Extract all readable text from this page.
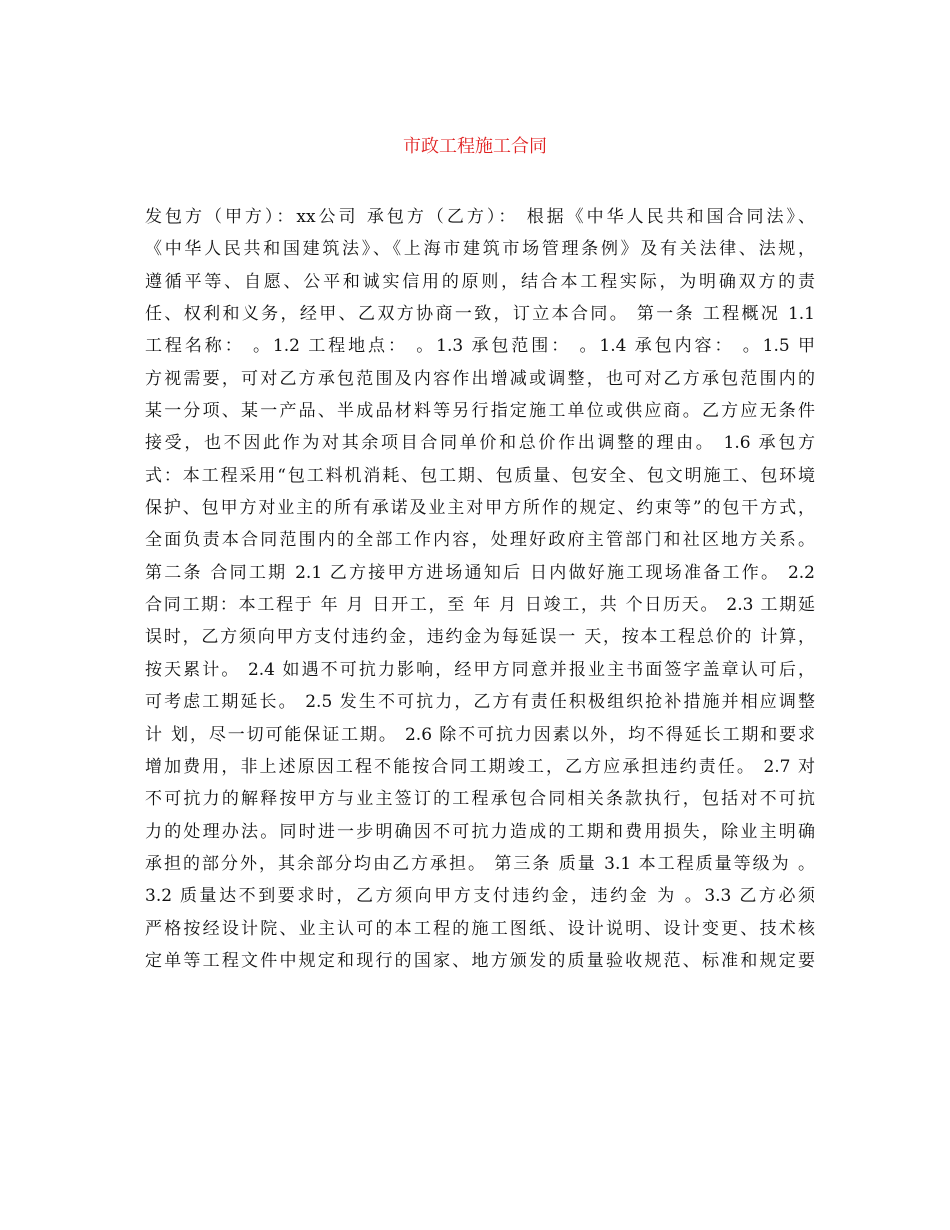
市政工程施工合同
发包方（甲方）：xx公司 承包方（乙方）： 根据《中华人民共和国合同法》、
《中华人民共和国建筑法》、《上海市建筑市场管理条例》及有关法律、法规，
遵循平等、自愿、公平和诚实信用的原则，结合本工程实际，为明确双方的责
任、权利和义务，经甲、乙双方协商一致，订立本合同。 第一条 工程概况 1.1
工程名称： 。1.2 工程地点： 。1.3 承包范围： 。1.4 承包内容： 。1.5 甲
方视需要，可对乙方承包范围及内容作出增减或调整，也可对乙方承包范围内的
某一分项、某一产品、半成品材料等另行指定施工单位或供应商。乙方应无条件
接受，也不因此作为对其余项目合同单价和总价作出调整的理由。 1.6 承包方
式：本工程采用“包工料机消耗、包工期、包质量、包安全、包文明施工、包环境
保护、包甲方对业主的所有承诺及业主对甲方所作的规定、约束等”的包干方式，
全面负责本合同范围内的全部工作内容，处理好政府主管部门和社区地方关系。
第二条 合同工期 2.1 乙方接甲方进场通知后 日内做好施工现场准备工作。 2.2
合同工期：本工程于 年 月 日开工，至 年 月 日竣工，共 个日历天。 2.3 工期延
误时，乙方须向甲方支付违约金，违约金为每延误一 天，按本工程总价的 计算，
按天累计。 2.4 如遇不可抗力影响，经甲方同意并报业主书面签字盖章认可后，
可考虑工期延长。 2.5 发生不可抗力，乙方有责任积极组织抢补措施并相应调整
计 划，尽一切可能保证工期。 2.6 除不可抗力因素以外，均不得延长工期和要求
增加费用，非上述原因工程不能按合同工期竣工，乙方应承担违约责任。 2.7 对
不可抗力的解释按甲方与业主签订的工程承包合同相关条款执行，包括对不可抗
力的处理办法。同时进一步明确因不可抗力造成的工期和费用损失，除业主明确
承担的部分外，其余部分均由乙方承担。 第三条 质量 3.1 本工程质量等级为 。
3.2 质量达不到要求时，乙方须向甲方支付违约金，违约金 为 。3.3 乙方必须
严格按经设计院、业主认可的本工程的施工图纸、设计说明、设计变更、技术核
定单等工程文件中规定和现行的国家、地方颁发的质量验收规范、标准和规定要
